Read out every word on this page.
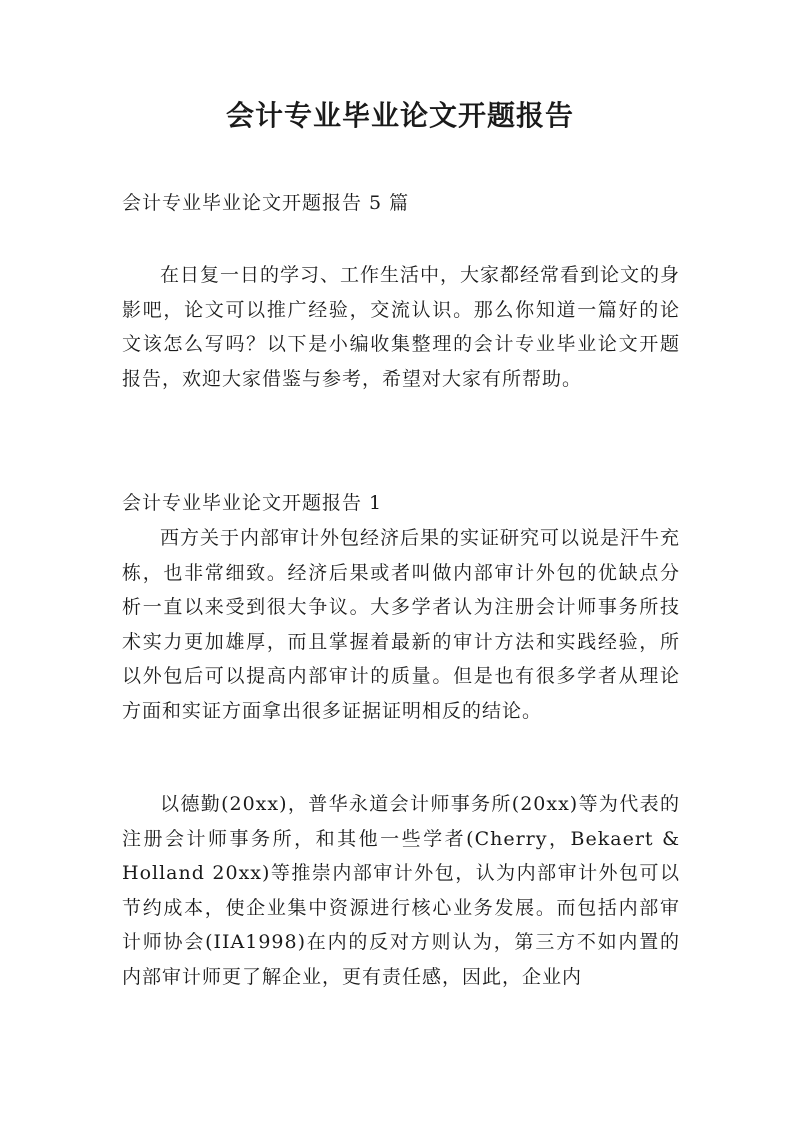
会计专业毕业论文开题报告

会计专业毕业论文开题报告 5 篇

在日复一日的学习、工作生活中，大家都经常看到论文的身影吧，论文可以推广经验，交流认识。那么你知道一篇好的论文该怎么写吗？以下是小编收集整理的会计专业毕业论文开题报告，欢迎大家借鉴与参考，希望对大家有所帮助。

会计专业毕业论文开题报告 1

西方关于内部审计外包经济后果的实证研究可以说是汗牛充栋，也非常细致。经济后果或者叫做内部审计外包的优缺点分析一直以来受到很大争议。大多学者认为注册会计师事务所技术实力更加雄厚，而且掌握着最新的审计方法和实践经验，所以外包后可以提高内部审计的质量。但是也有很多学者从理论方面和实证方面拿出很多证据证明相反的结论。

以德勤(20xx)，普华永道会计师事务所(20xx)等为代表的注册会计师事务所，和其他一些学者(Cherry，Bekaert & Holland 20xx)等推崇内部审计外包，认为内部审计外包可以节约成本，使企业集中资源进行核心业务发展。而包括内部审计师协会(IIA1998)在内的反对方则认为，第三方不如内置的内部审计师更了解企业，更有责任感，因此，企业内
